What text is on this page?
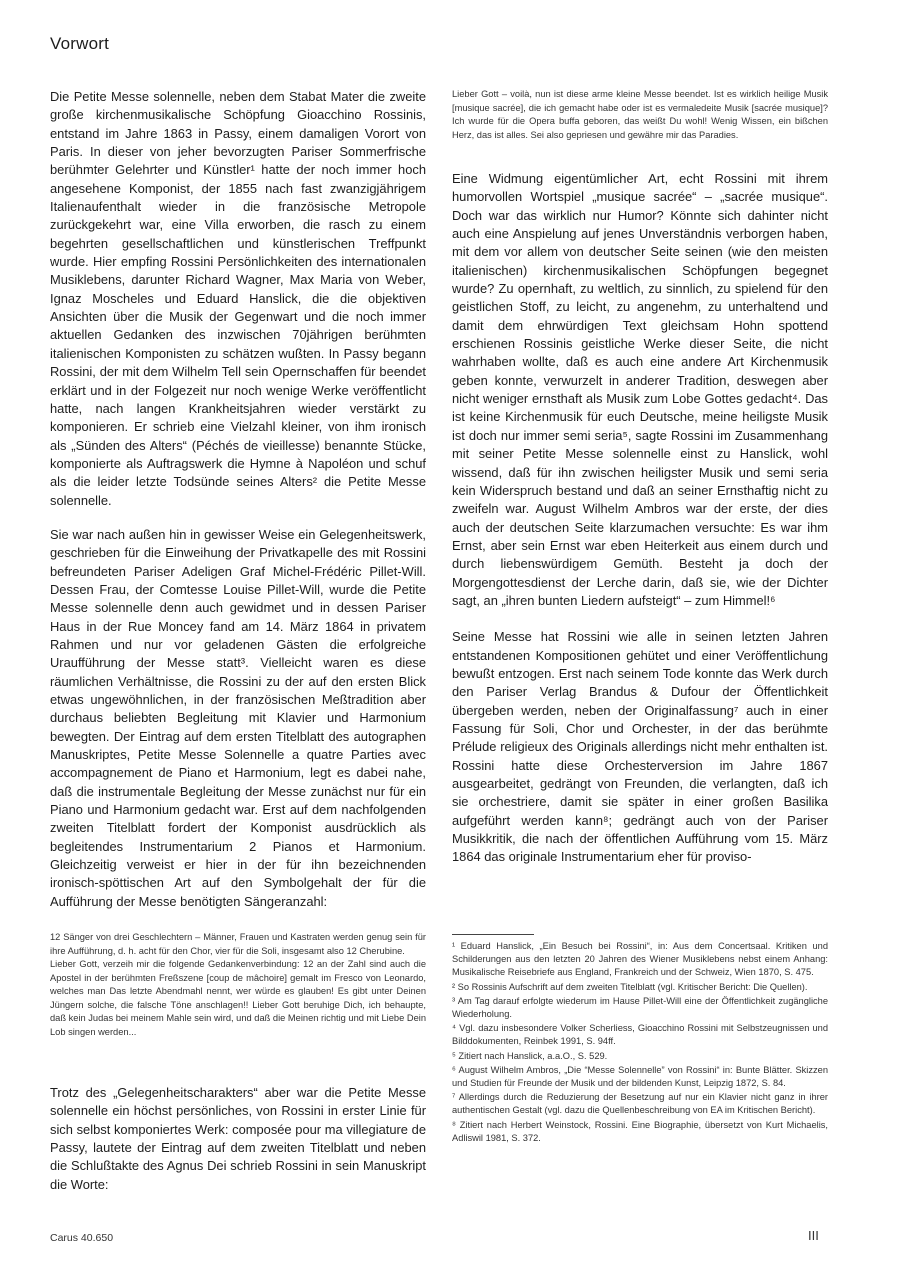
Vorwort

Die Petite Messe solennelle, neben dem Stabat Mater die zweite große kirchenmusikalische Schöpfung Gioacchino Rossinis, entstand im Jahre 1863 in Passy, einem damaligen Vorort von Paris. In dieser von jeher bevorzugten Pariser Sommerfrische berühmter Gelehrter und Künstler¹ hatte der noch immer hoch angesehene Komponist, der 1855 nach fast zwanzigjährigem Italienaufenthalt wieder in die französische Metropole zurückgekehrt war, eine Villa erworben, die rasch zu einem begehrten gesellschaftlichen und künstlerischen Treffpunkt wurde. Hier empfing Rossini Persönlichkeiten des internationalen Musiklebens, darunter Richard Wagner, Max Maria von Weber, Ignaz Moscheles und Eduard Hanslick, die die objektiven Ansichten über die Musik der Gegenwart und die noch immer aktuellen Gedanken des inzwischen 70jährigen berühmten italienischen Komponisten zu schätzen wußten. In Passy begann Rossini, der mit dem Wilhelm Tell sein Opernschaffen für beendet erklärt und in der Folgezeit nur noch wenige Werke veröffentlicht hatte, nach langen Krankheitsjahren wieder verstärkt zu komponieren. Er schrieb eine Vielzahl kleiner, von ihm ironisch als „Sünden des Alters“ (Péchés de vieillesse) benannte Stücke, komponierte als Auftragswerk die Hymne à Napoléon und schuf als die leider letzte Todsünde seines Alters² die Petite Messe solennelle.

Sie war nach außen hin in gewisser Weise ein Gelegenheitswerk, geschrieben für die Einweihung der Privatkapelle des mit Rossini befreundeten Pariser Adeligen Graf Michel-Frédéric Pillet-Will. Dessen Frau, der Comtesse Louise Pillet-Will, wurde die Petite Messe solennelle denn auch gewidmet und in dessen Pariser Haus in der Rue Moncey fand am 14. März 1864 in privatem Rahmen und nur vor geladenen Gästen die erfolgreiche Uraufführung der Messe statt³. Vielleicht waren es diese räumlichen Verhältnisse, die Rossini zu der auf den ersten Blick etwas ungewöhnlichen, in der französischen Meßtradition aber durchaus beliebten Begleitung mit Klavier und Harmonium bewegten. Der Eintrag auf dem ersten Titelblatt des autographen Manuskriptes, Petite Messe Solennelle a quatre Parties avec accompagnement de Piano et Harmonium, legt es dabei nahe, daß die instrumentale Begleitung der Messe zunächst nur für ein Piano und Harmonium gedacht war. Erst auf dem nachfolgenden zweiten Titelblatt fordert der Komponist ausdrücklich als begleitendes Instrumentarium 2 Pianos et Harmonium. Gleichzeitig verweist er hier in der für ihn bezeichnenden ironisch-spöttischen Art auf den Symbolgehalt der für die Aufführung der Messe benötigten Sängeranzahl:

12 Sänger von drei Geschlechtern – Männer, Frauen und Kastraten werden genug sein für ihre Aufführung, d. h. acht für den Chor, vier für die Soli, insgesamt also 12 Cherubine.

Lieber Gott, verzeih mir die folgende Gedankenverbindung: 12 an der Zahl sind auch die Apostel in der berühmten Freßszene [coup de mâchoire] gemalt im Fresco von Leonardo, welches man Das letzte Abendmahl nennt, wer würde es glauben! Es gibt unter Deinen Jüngern solche, die falsche Töne anschlagen!! Lieber Gott beruhige Dich, ich behaupte, daß kein Judas bei meinem Mahle sein wird, und daß die Meinen richtig und mit Liebe Dein Lob singen werden...

Trotz des „Gelegenheitscharakters“ aber war die Petite Messe solennelle ein höchst persönliches, von Rossini in erster Linie für sich selbst komponiertes Werk: composée pour ma villegiature de Passy, lautete der Eintrag auf dem zweiten Titelblatt und neben die Schlußtakte des Agnus Dei schrieb Rossini in sein Manuskript die Worte:

Lieber Gott – voilà, nun ist diese arme kleine Messe beendet. Ist es wirklich heilige Musik [musique sacrée], die ich gemacht habe oder ist es vermaledeite Musik [sacrée musique]? Ich wurde für die Opera buffa geboren, das weißt Du wohl! Wenig Wissen, ein bißchen Herz, das ist alles. Sei also gepriesen und gewähre mir das Paradies.

Eine Widmung eigentümlicher Art, echt Rossini mit ihrem humorvollen Wortspiel „musique sacrée“ – „sacrée musique“. Doch war das wirklich nur Humor? Könnte sich dahinter nicht auch eine Anspielung auf jenes Unverständnis verborgen haben, mit dem vor allem von deutscher Seite seinen (wie den meisten italienischen) kirchenmusikalischen Schöpfungen begegnet wurde? Zu opernhaft, zu weltlich, zu sinnlich, zu spielend für den geistlichen Stoff, zu leicht, zu angenehm, zu unterhaltend und damit dem ehrwürdigen Text gleichsam Hohn spottend erschienen Rossinis geistliche Werke dieser Seite, die nicht wahrhaben wollte, daß es auch eine andere Art Kirchenmusik geben konnte, verwurzelt in anderer Tradition, deswegen aber nicht weniger ernsthaft als Musik zum Lobe Gottes gedacht⁴. Das ist keine Kirchenmusik für euch Deutsche, meine heiligste Musik ist doch nur immer semi seria⁵, sagte Rossini im Zusammenhang mit seiner Petite Messe solennelle einst zu Hanslick, wohl wissend, daß für ihn zwischen heiligster Musik und semi seria kein Widerspruch bestand und daß an seiner Ernsthaftig nicht zu zweifeln war. August Wilhelm Ambros war der erste, der dies auch der deutschen Seite klarzumachen versuchte: Es war ihm Ernst, aber sein Ernst war eben Heiterkeit aus einem durch und durch liebenswürdigem Gemüth. Besteht ja doch der Morgengottesdienst der Lerche darin, daß sie, wie der Dichter sagt, an „ihren bunten Liedern aufsteigt“ – zum Himmel!⁶

Seine Messe hat Rossini wie alle in seinen letzten Jahren entstandenen Kompositionen gehütet und einer Veröffentlichung bewußt entzogen. Erst nach seinem Tode konnte das Werk durch den Pariser Verlag Brandus & Dufour der Öffentlichkeit übergeben werden, neben der Originalfassung⁷ auch in einer Fassung für Soli, Chor und Orchester, in der das berühmte Prélude religieux des Originals allerdings nicht mehr enthalten ist. Rossini hatte diese Orchesterversion im Jahre 1867 ausgearbeitet, gedrängt von Freunden, die verlangten, daß ich sie orchestriere, damit sie später in einer großen Basilika aufgeführt werden kann⁸; gedrängt auch von der Pariser Musikkritik, die nach der öffentlichen Aufführung vom 15. März 1864 das originale Instrumentarium eher für proviso-

¹ Eduard Hanslick, „Ein Besuch bei Rossini“, in: Aus dem Concertsaal. Kritiken und Schilderungen aus den letzten 20 Jahren des Wiener Musiklebens nebst einem Anhang: Musikalische Reisebriefe aus England, Frankreich und der Schweiz, Wien 1870, S. 475.

² So Rossinis Aufschrift auf dem zweiten Titelblatt (vgl. Kritischer Bericht: Die Quellen).

³ Am Tag darauf erfolgte wiederum im Hause Pillet-Will eine der Öffentlichkeit zugängliche Wiederholung.

⁴ Vgl. dazu insbesondere Volker Scherliess, Gioacchino Rossini mit Selbstzeugnissen und Bilddokumenten, Reinbek 1991, S. 94ff.

⁵ Zitiert nach Hanslick, a.a.O., S. 529.

⁶ August Wilhelm Ambros, „Die “Messe Solennelle” von Rossini“ in: Bunte Blätter. Skizzen und Studien für Freunde der Musik und der bildenden Kunst, Leipzig 1872, S. 84.

⁷ Allerdings durch die Reduzierung der Besetzung auf nur ein Klavier nicht ganz in ihrer authentischen Gestalt (vgl. dazu die Quellenbeschreibung von EA im Kritischen Bericht).

⁸ Zitiert nach Herbert Weinstock, Rossini. Eine Biographie, übersetzt von Kurt Michaelis, Adliswil 1981, S. 372.

Carus 40.650	III
